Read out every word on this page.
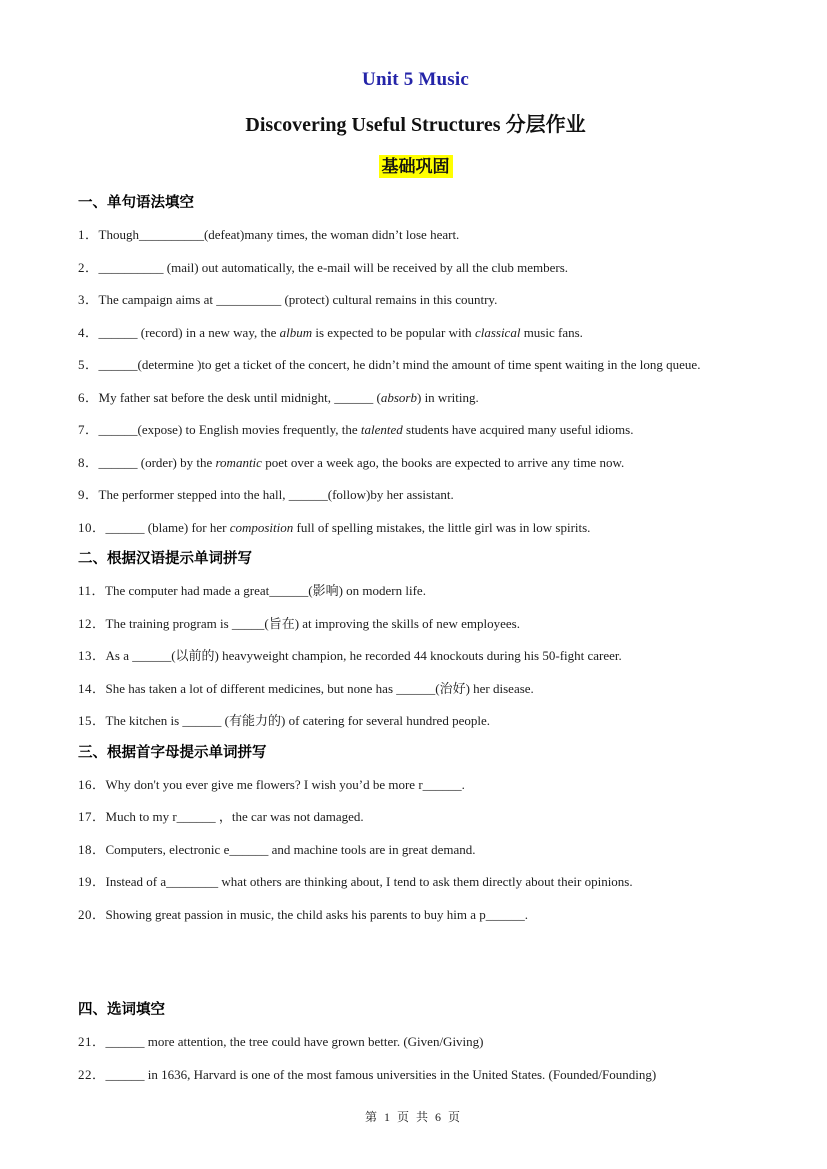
Unit 5 Music
Discovering Useful Structures 分层作业
基础巩固
一、单句语法填空

1．Though__________(defeat)many times, the woman didn’t lose heart.

2．__________ (mail) out automatically, the e-mail will be received by all the club members.

3．The campaign aims at __________ (protect) cultural remains in this country.

4．______ (record) in a new way, the album is expected to be popular with classical music fans.

5．______(determine )to get a ticket of the concert, he didn’t mind the amount of time spent waiting in the long queue.

6．My father sat before the desk until midnight, ______ (absorb) in writing.

7．______(expose) to English movies frequently, the talented students have acquired many useful idioms.

8．______ (order) by the romantic poet over a week ago, the books are expected to arrive any time now.

9．The performer stepped into the hall, ______(follow)by her assistant.

10．______ (blame) for her composition full of spelling mistakes, the little girl was in low spirits.

二、根据汉语提示单词拼写

11．The computer had made a great______(影响) on modern life.

12．The training program is _____(旨在) at improving the skills of new employees.

13．As a ______(以前的) heavyweight champion, he recorded 44 knockouts during his 50-fight career.

14．She has taken a lot of different medicines, but none has ______(治好) her disease.

15．The kitchen is ______ (有能力的) of catering for several hundred people.

三、根据首字母提示单词拼写

16．Why don't you ever give me flowers? I wish you’d be more r______.

17．Much to my r______ ，the car was not damaged.

18．Computers, electronic e______ and machine tools are in great demand.

19．Instead of a________ what others are thinking about, I tend to ask them directly about their opinions.

20．Showing great passion in music, the child asks his parents to buy him a p______.

四、选词填空

21．______ more attention, the tree could have grown better. (Given/Giving)

22．______ in 1636, Harvard is one of the most famous universities in the United States. (Founded/Founding)

第 1 页 共 6 页
